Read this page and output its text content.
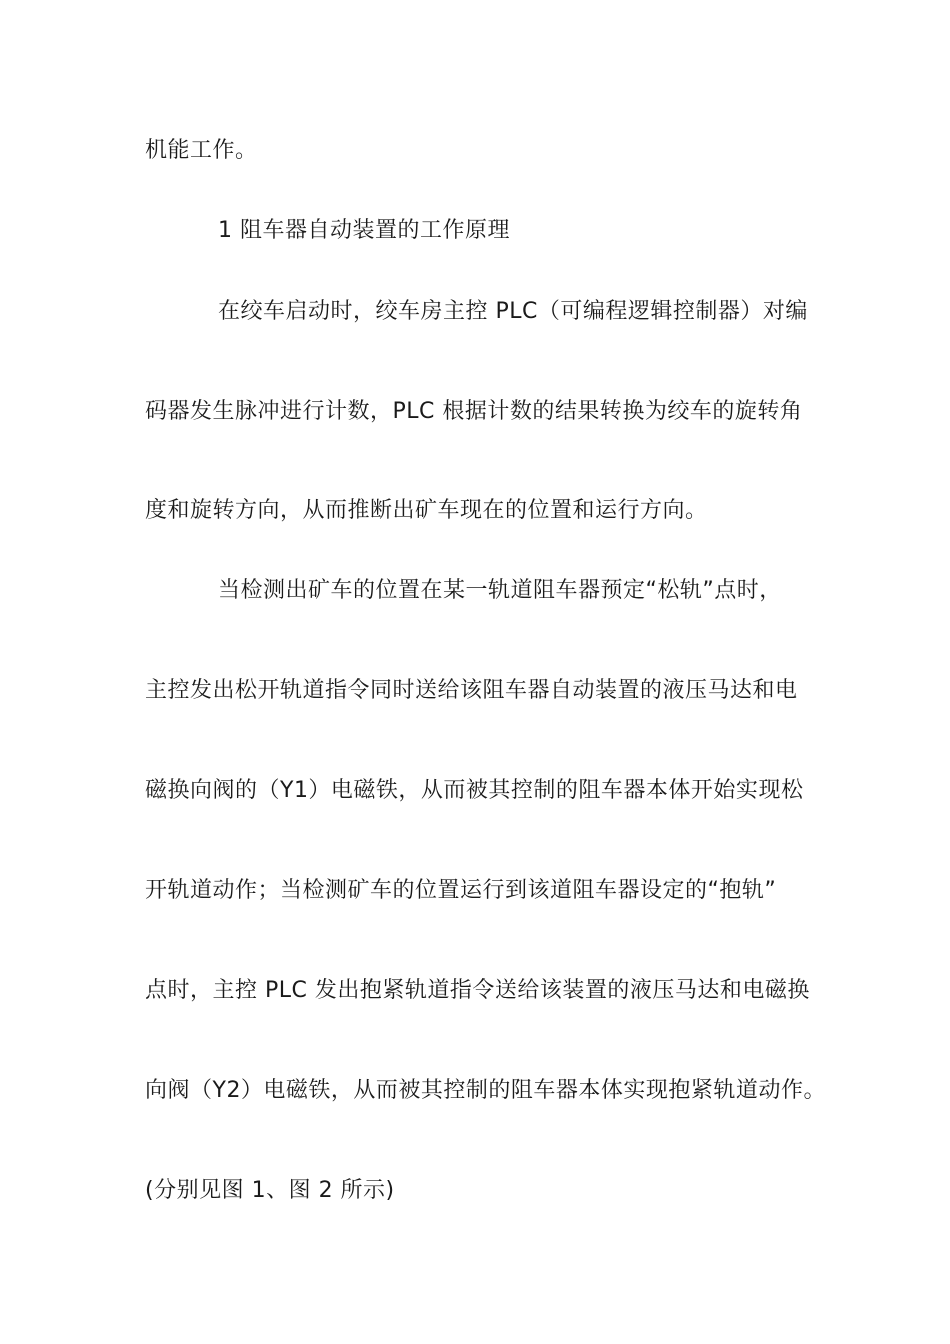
机能工作。
1 阻车器自动装置的工作原理
在绞车启动时，绞车房主控 PLC（可编程逻辑控制器）对编
码器发生脉冲进行计数，PLC 根据计数的结果转换为绞车的旋转角
度和旋转方向，从而推断出矿车现在的位置和运行方向。
当检测出矿车的位置在某一轨道阻车器预定“松轨”点时，
主控发出松开轨道指令同时送给该阻车器自动装置的液压马达和电
磁换向阀的（Y1）电磁铁，从而被其控制的阻车器本体开始实现松
开轨道动作；当检测矿车的位置运行到该道阻车器设定的“抱轨”
点时，主控 PLC 发出抱紧轨道指令送给该装置的液压马达和电磁换
向阀（Y2）电磁铁，从而被其控制的阻车器本体实现抱紧轨道动作。
(分别见图 1、图 2 所示)
